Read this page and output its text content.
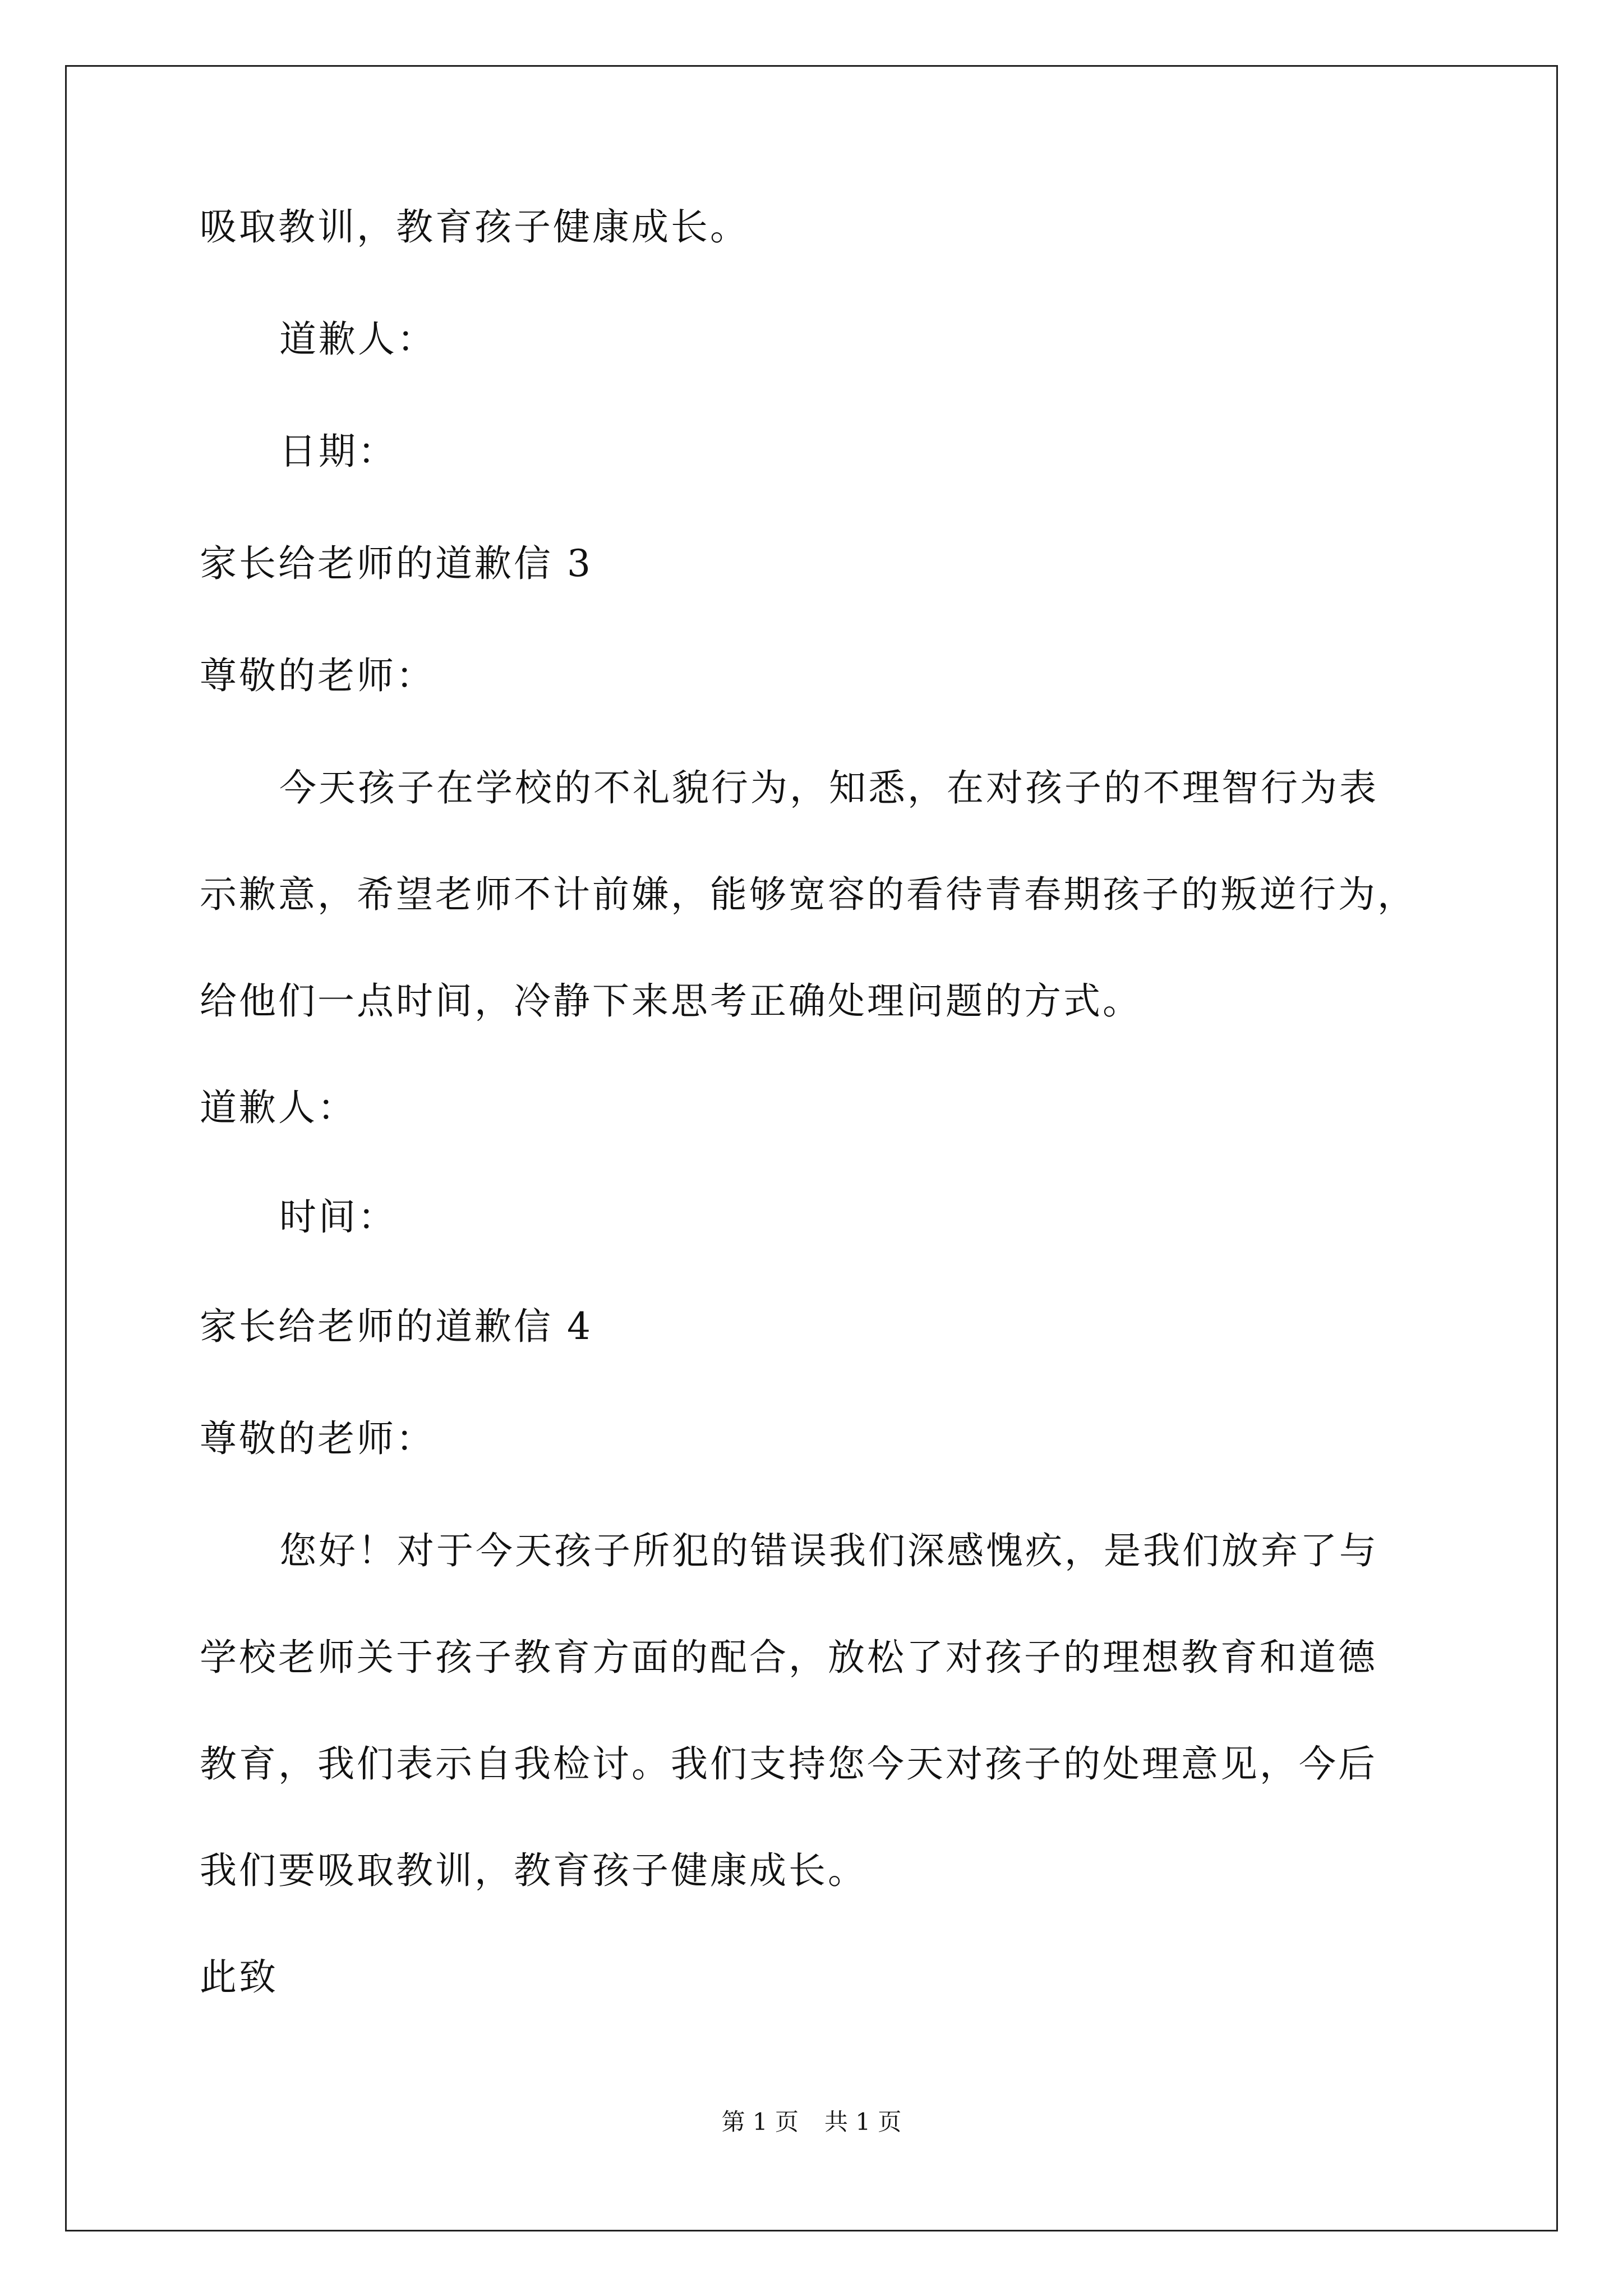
吸取教训，教育孩子健康成长。
道歉人：
日期：
家长给老师的道歉信 3
尊敬的老师：
今天孩子在学校的不礼貌行为，知悉，在对孩子的不理智行为表
示歉意，希望老师不计前嫌，能够宽容的看待青春期孩子的叛逆行为，
给他们一点时间，冷静下来思考正确处理问题的方式。
道歉人：
时间：
家长给老师的道歉信 4
尊敬的老师：
您好！对于今天孩子所犯的错误我们深感愧疚，是我们放弃了与
学校老师关于孩子教育方面的配合，放松了对孩子的理想教育和道德
教育，我们表示自我检讨。我们支持您今天对孩子的处理意见，今后
我们要吸取教训，教育孩子健康成长。
此致
第 1 页 共 1 页
